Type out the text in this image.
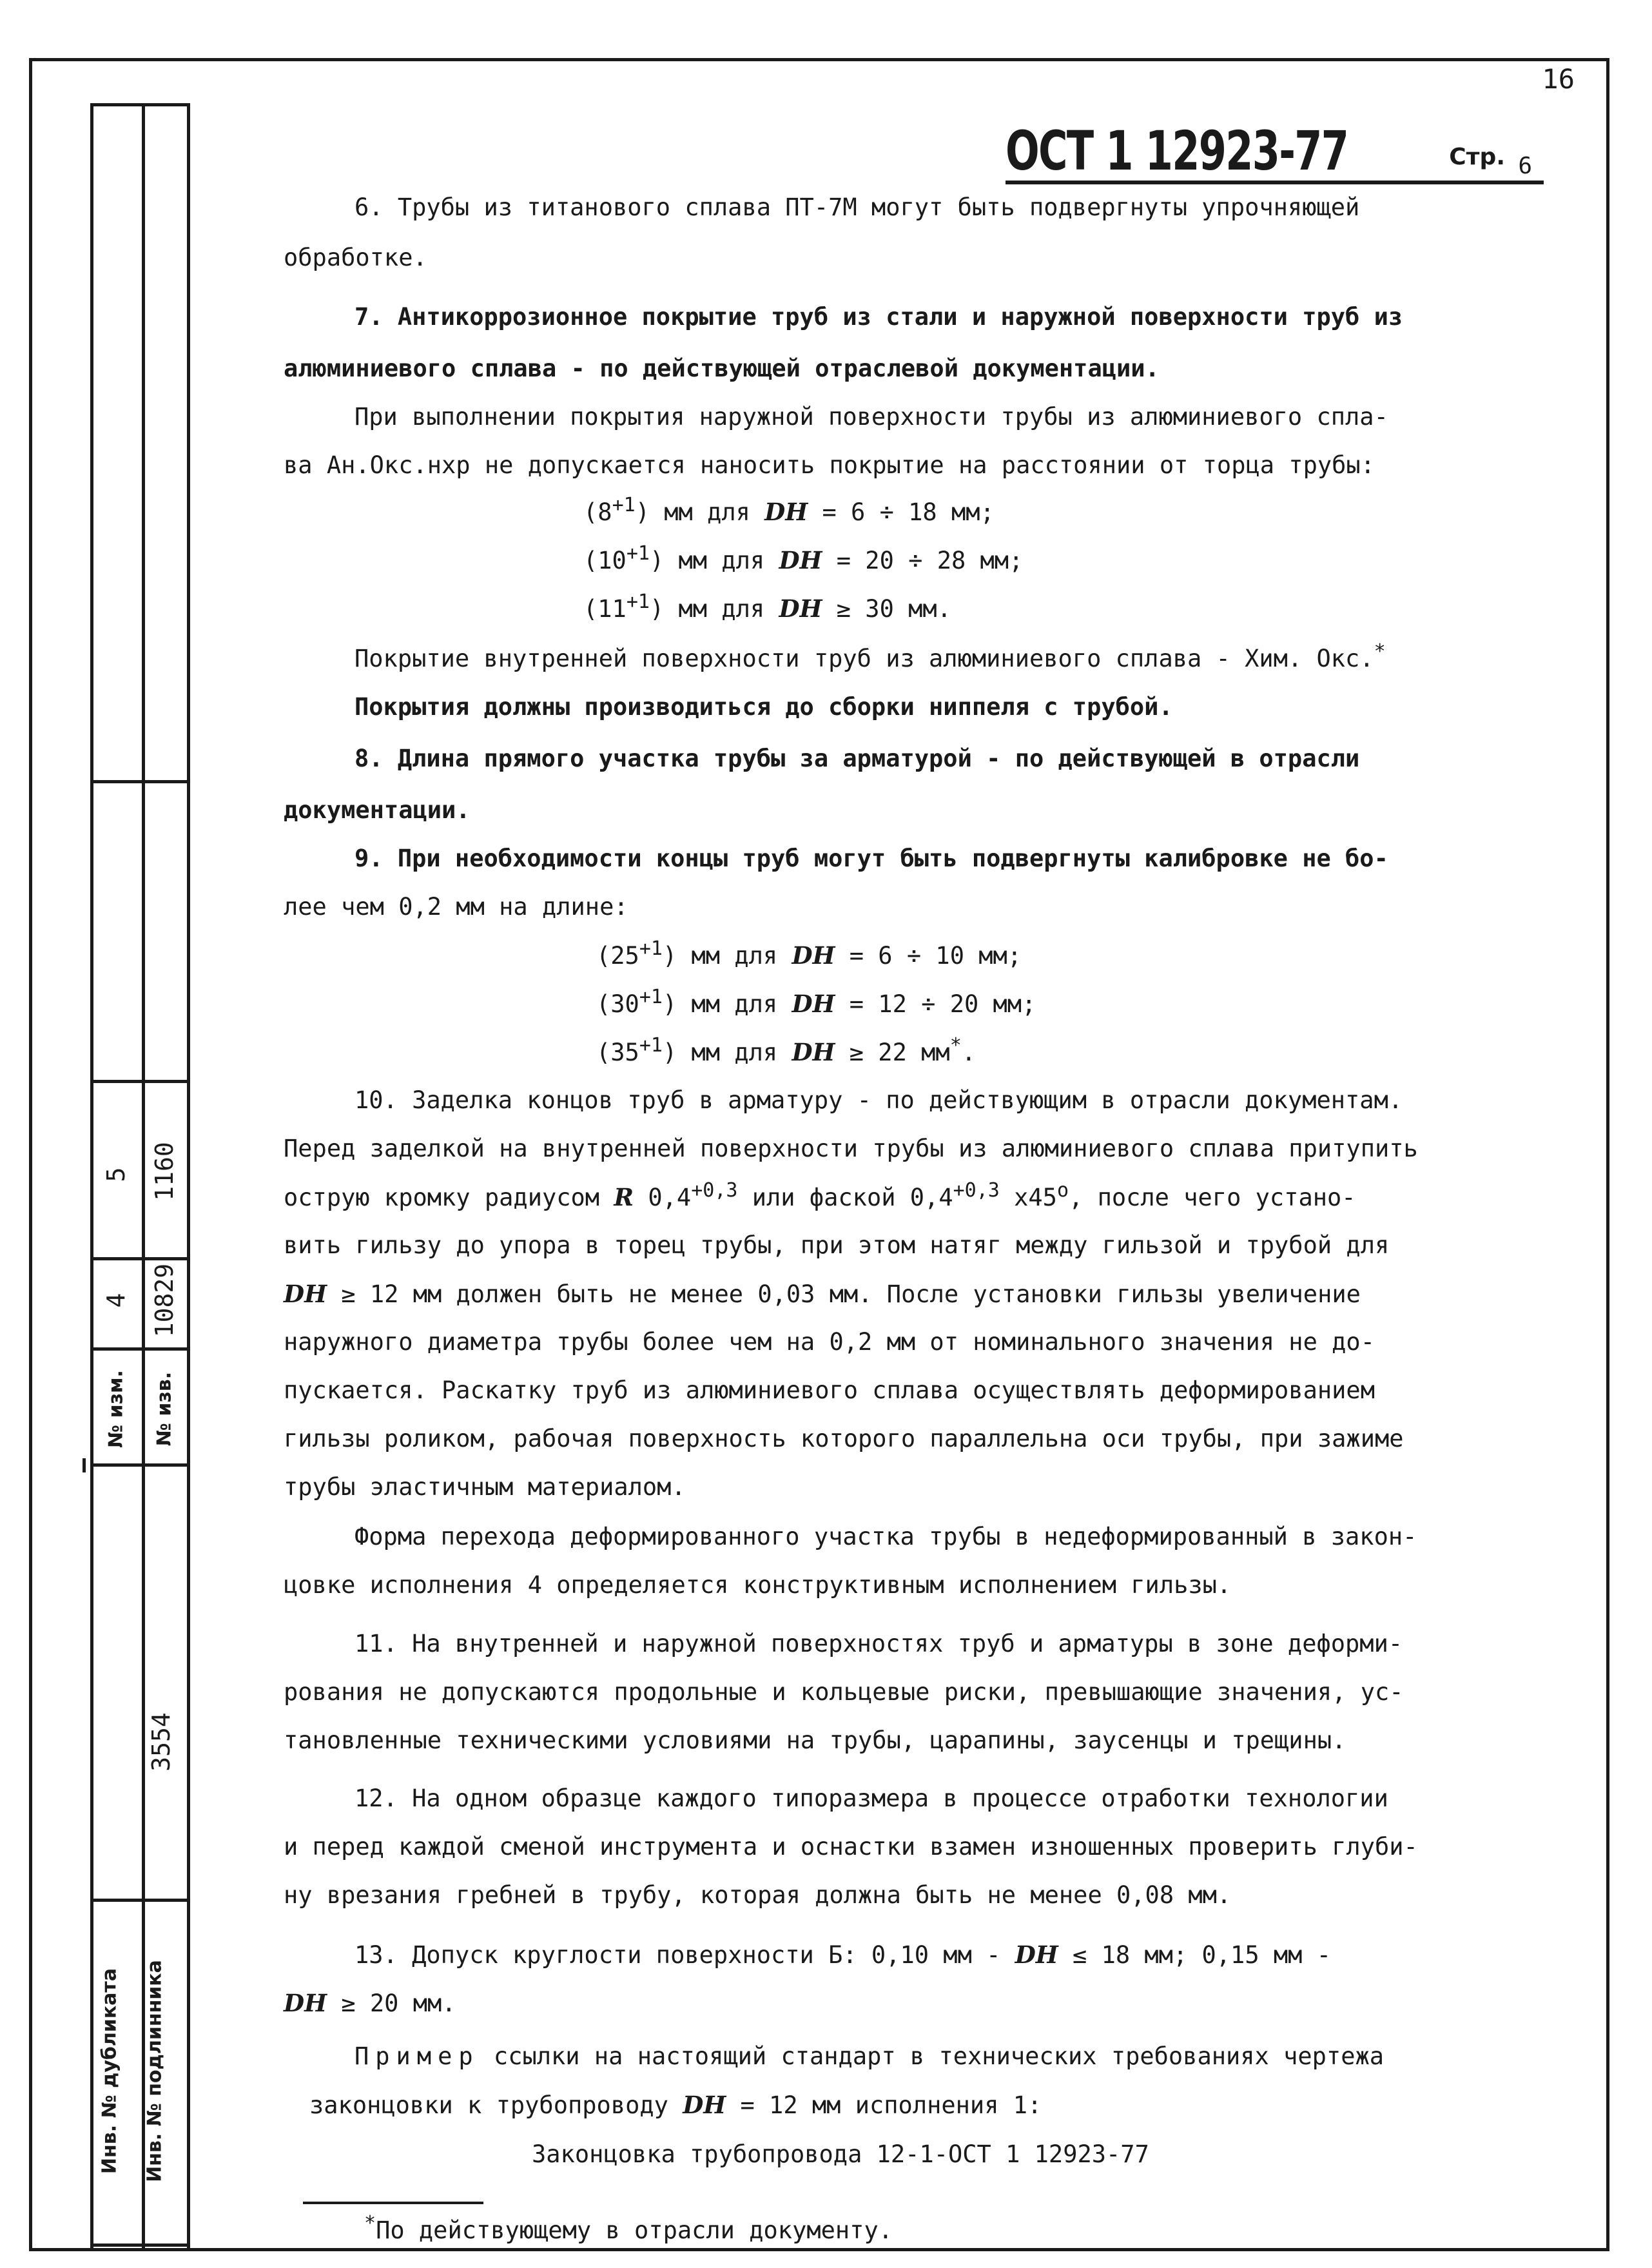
16
№ изм. № изв.
4
5
10829
1160
3554
Инв. № подлинника
Инв. № дубликата
ОСТ 1 12923-77	Стр. 6
6. Трубы из титанового сплава ПТ-7М могут быть подвергнуты упрочняющей
обработке.
7. Антикоррозионное покрытие труб из стали и наружной поверхности труб из
алюминиевого сплава - по действующей отраслевой документации.
При выполнении покрытия наружной поверхности трубы из алюминиевого спла-
ва Ан.Окс.нхр не допускается наносить покрытие на расстоянии от торца трубы:
$(8^{+1})$ мм для DН = 6 ÷ 18 мм;
$(10^{+1})$ мм для DН = 20 ÷ 28 мм;
$(11^{+1})$ мм для DН ≥ 30 мм.
Покрытие внутренней поверхности труб из алюминиевого сплава - Хим. Окс.*
Покрытия должны производиться до сборки ниппеля с трубой.
8. Длина прямого участка трубы за арматурой - по действующей в отрасли
документации.
9. При необходимости концы труб могут быть подвергнуты калибровке не бо-
лее чем 0,2 мм на длине:
$(25^{+1})$ мм для DН = 6 ÷ 10 мм;
$(30^{+1})$ мм для DН = 12 ÷ 20 мм;
$(35^{+1})$ мм для DН ≥ 22 мм*.
10. Заделка концов труб в арматуру - по действующим в отрасли документам.
Перед заделкой на внутренней поверхности трубы из алюминиевого сплава притупить
острую кромку радиусом R $0,4^{+0,3}$ или фаской $0,4^{+0,3}$ $x45^о$, после чего устано-
вить гильзу до упора в торец трубы, при этом натяг между гильзой и трубой для
DН ≥ 12 мм должен быть не менее 0,03 мм. После установки гильзы увеличение
наружного диаметра трубы более чем на 0,2 мм от номинального значения не до-
пускается. Раскатку труб из алюминиевого сплава осуществлять деформированием
гильзы роликом, рабочая поверхность которого параллельна оси трубы, при зажиме
трубы эластичным материалом.
Форма перехода деформированного участка трубы в недеформированный в закон-
цовке исполнения 4 определяется конструктивным исполнением гильзы.
11. На внутренней и наружной поверхностях труб и арматуры в зоне деформи-
рования не допускаются продольные и кольцевые риски, превышающие значения, ус-
тановленные техническими условиями на трубы, царапины, заусенцы и трещины.
12. На одном образце каждого типоразмера в процессе отработки технологии
и перед каждой сменой инструмента и оснастки взамен изношенных проверить глуби-
ну врезания гребней в трубу, которая должна быть не менее 0,08 мм.
13. Допуск круглости поверхности Б: 0,10 мм - DН ≤ 18 мм; 0,15 мм -
DН ≥ 20 мм.
Пример ссылки на настоящий стандарт в технических требованиях чертежа
законцовки к трубопроводу DН = 12 мм исполнения 1:
Законцовка трубопровода 12-1-ОСТ 1 12923-77
*По действующему в отрасли документу.
